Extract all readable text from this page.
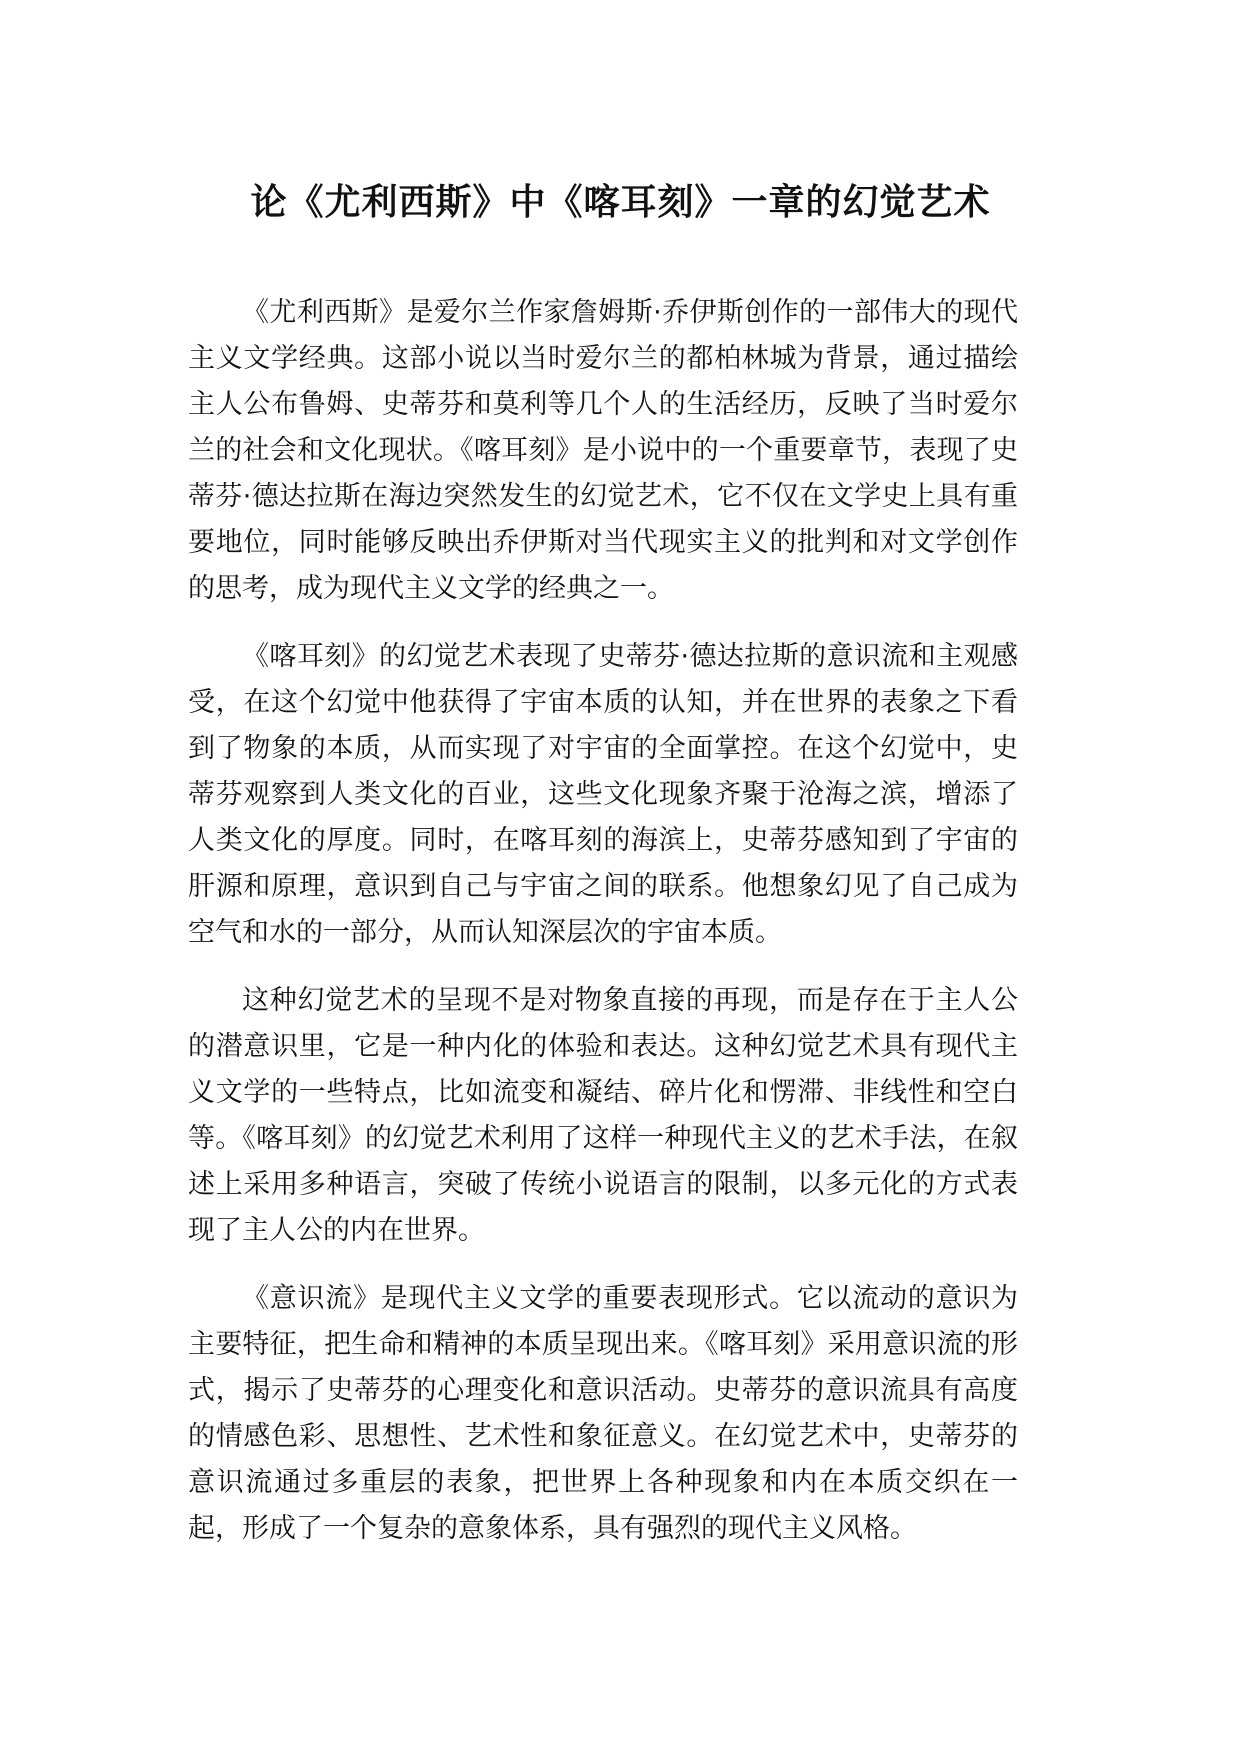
论《尤利西斯》中《喀耳刻》一章的幻觉艺术

《尤利西斯》是爱尔兰作家詹姆斯·乔伊斯创作的一部伟大的现代主义文学经典。这部小说以当时爱尔兰的都柏林城为背景，通过描绘主人公布鲁姆、史蒂芬和莫利等几个人的生活经历，反映了当时爱尔兰的社会和文化现状。《喀耳刻》是小说中的一个重要章节，表现了史蒂芬·德达拉斯在海边突然发生的幻觉艺术，它不仅在文学史上具有重要地位，同时能够反映出乔伊斯对当代现实主义的批判和对文学创作的思考，成为现代主义文学的经典之一。

《喀耳刻》的幻觉艺术表现了史蒂芬·德达拉斯的意识流和主观感受，在这个幻觉中他获得了宇宙本质的认知，并在世界的表象之下看到了物象的本质，从而实现了对宇宙的全面掌控。在这个幻觉中，史蒂芬观察到人类文化的百业，这些文化现象齐聚于沧海之滨，增添了人类文化的厚度。同时，在喀耳刻的海滨上，史蒂芬感知到了宇宙的肝源和原理，意识到自己与宇宙之间的联系。他想象幻见了自己成为空气和水的一部分，从而认知深层次的宇宙本质。

这种幻觉艺术的呈现不是对物象直接的再现，而是存在于主人公的潜意识里，它是一种内化的体验和表达。这种幻觉艺术具有现代主义文学的一些特点，比如流变和凝结、碎片化和愣滞、非线性和空白等。《喀耳刻》的幻觉艺术利用了这样一种现代主义的艺术手法，在叙述上采用多种语言，突破了传统小说语言的限制，以多元化的方式表现了主人公的内在世界。

《意识流》是现代主义文学的重要表现形式。它以流动的意识为主要特征，把生命和精神的本质呈现出来。《喀耳刻》采用意识流的形式，揭示了史蒂芬的心理变化和意识活动。史蒂芬的意识流具有高度的情感色彩、思想性、艺术性和象征意义。在幻觉艺术中，史蒂芬的意识流通过多重层的表象，把世界上各种现象和内在本质交织在一起，形成了一个复杂的意象体系，具有强烈的现代主义风格。
